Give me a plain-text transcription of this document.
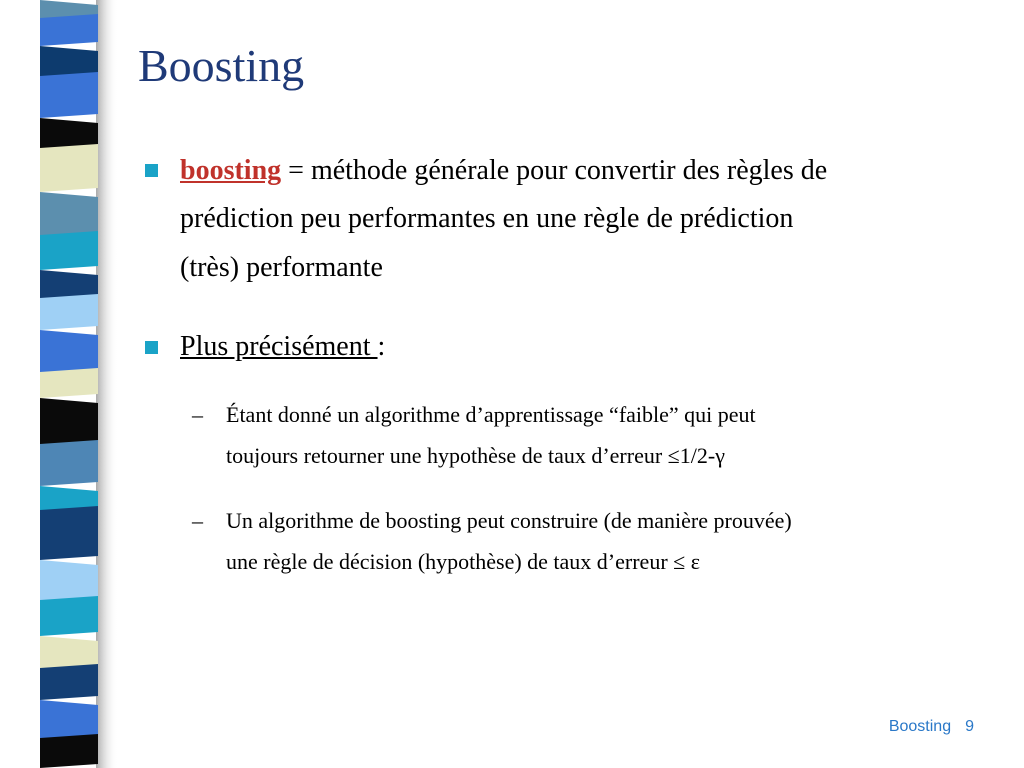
Boosting
boosting = méthode générale pour convertir des règles de
prédiction peu performantes en une règle de prédiction
(très) performante
Plus précisément :
– Étant donné un algorithme d’apprentissage “faible” qui peut
toujours retourner une hypothèse de taux d’erreur ≤1/2-γ
– Un algorithme de boosting peut construire (de manière prouvée)
une règle de décision (hypothèse) de taux d’erreur ≤ ε
Boosting 9
